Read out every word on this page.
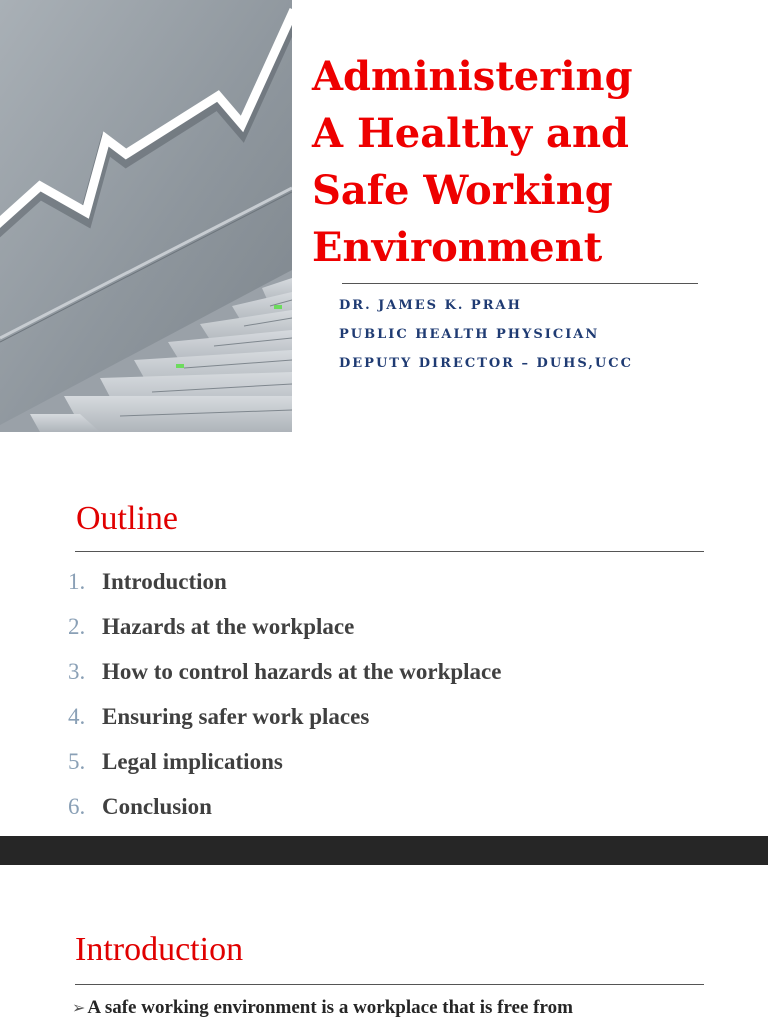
Administering
A Healthy and
Safe Working
Environment
DR. JAMES K. PRAH
PUBLIC HEALTH PHYSICIAN
DEPUTY DIRECTOR – DUHS,UCC
Outline
1. Introduction
2. Hazards at the workplace
3. How to control hazards at the workplace
4. Ensuring safer work places
5. Legal implications
6. Conclusion
Introduction

➢ A safe working environment is a workplace that is free from
